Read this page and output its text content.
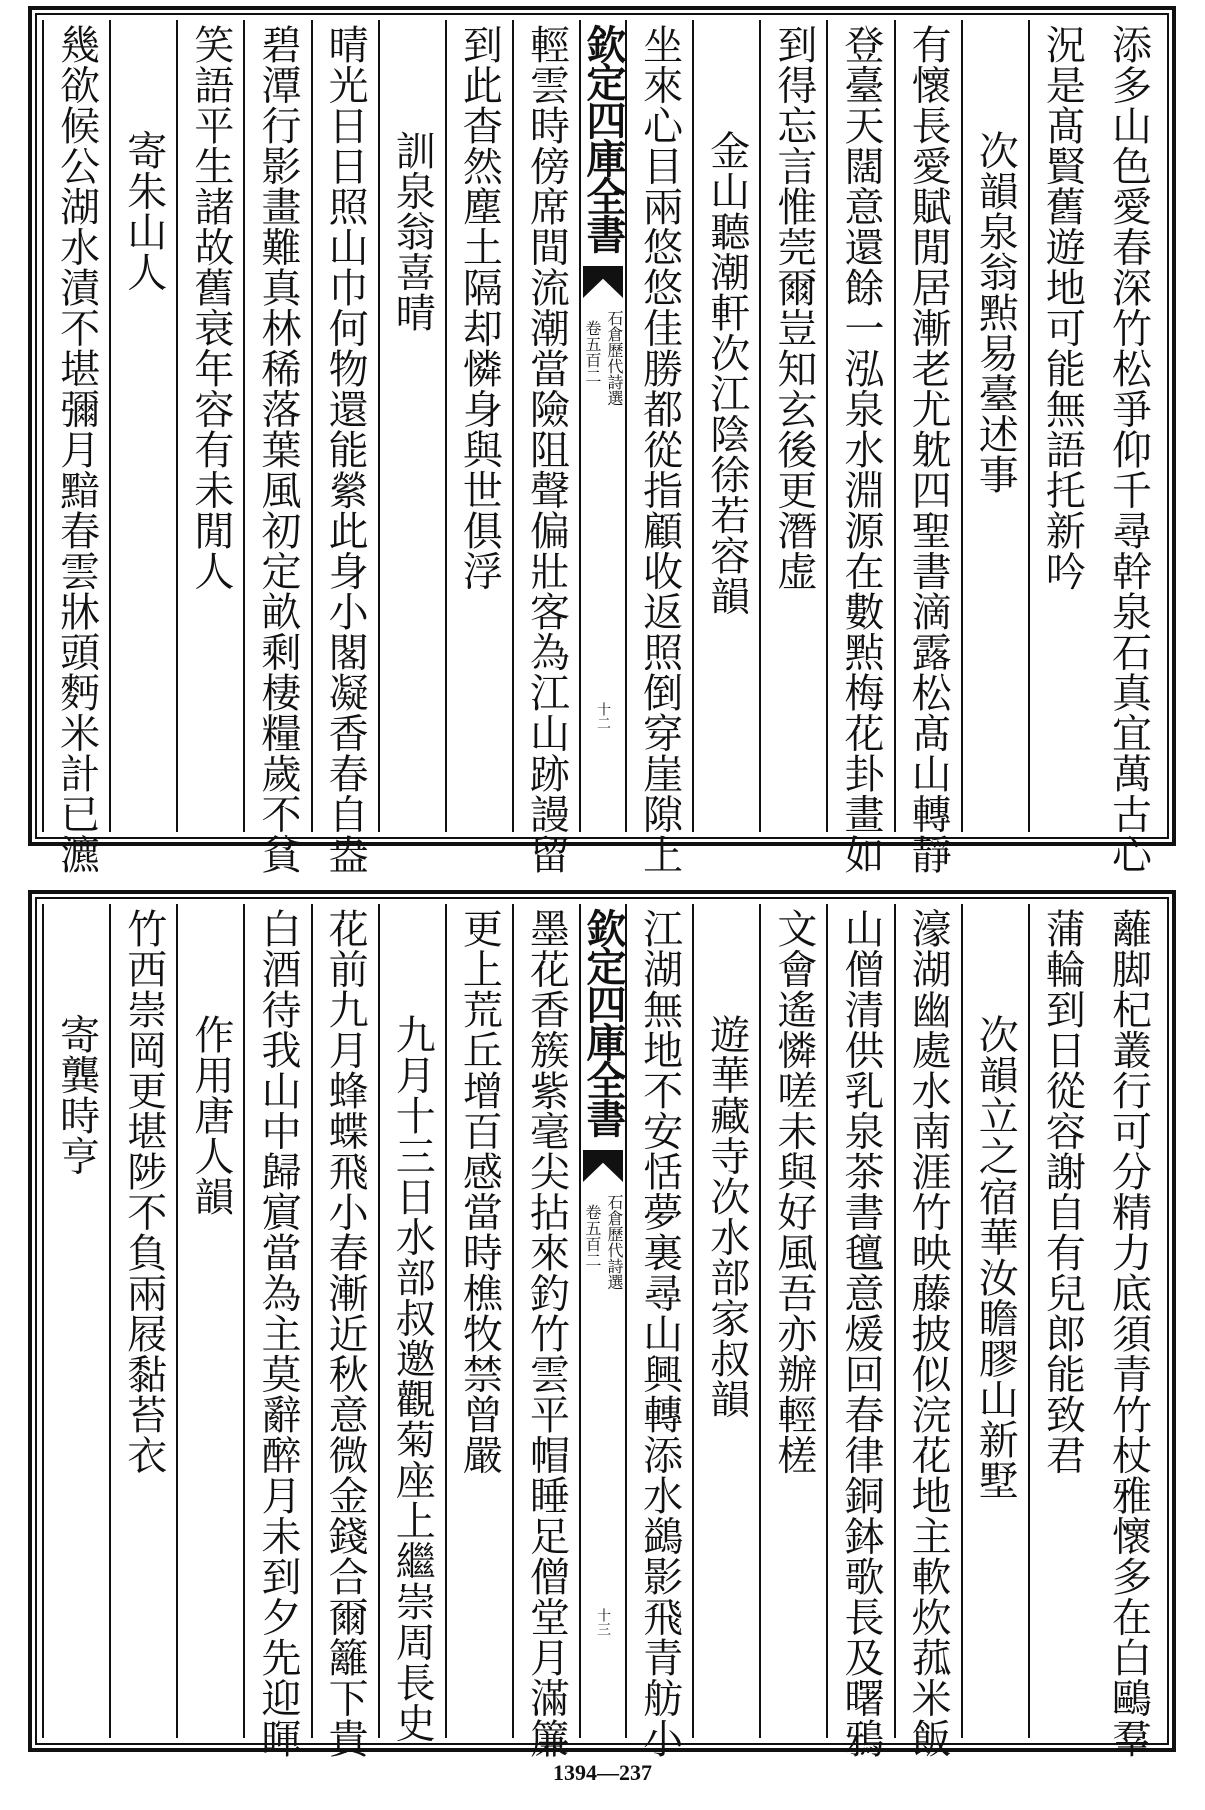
添多山色愛春深竹松爭仰千尋幹泉石真宜萬古心
況是髙賢舊遊地可能無語托新吟
次韻泉翁㸃易臺述事
有懷長愛賦閒居漸老尤躭四聖書滴露松髙山轉靜
登臺天闊意還餘一泓泉水淵源在數㸃梅花卦畫如
到得忘言惟莞爾豈知玄後更潛虚
金山聽潮軒次江陰徐若容韻
坐來心目兩悠悠佳勝都從指顧收返照倒穿崖隙上
欽定四庫全書
石倉歷代詩選
卷五百二
十二
輕雲時傍席間流潮當險阻聲偏壯客為江山跡謾留
到此杳然塵土隔却憐身與世俱浮
訓泉翁喜晴
晴光日日照山巾何物還能縈此身小閣凝香春自盎
碧潭行影畫難真林稀落葉風初定畝剩棲糧歲不貧
笑語平生諸故舊衰年容有未閒人
寄朱山人
幾欲候公湖水漬不堪彌月黯春雲牀頭麪米計已瀌
蘺脚杞叢行可分精力底須青竹杖雅懷多在白鷗羣
蒲輪到日從容謝自有兒郎能致君
次韻立之宿華汝瞻膠山新墅
濠湖幽處水南涯竹映藤披似浣花地主軟炊菰米飯
山僧清供乳泉茶書氊意煖回春律銅鉢歌長及曙鴉
文會遙憐嗟未與好風吾亦辦輕槎
遊華藏寺次水部家叔韻
江湖無地不安恬夢裏尋山興轉添水鷁影飛青舫小
欽定四庫全書
石倉歷代詩選
卷五百二
十三
墨花香簇紫毫尖拈來釣竹雲平帽睡足僧堂月滿簾
更上荒丘增百感當時樵牧禁曾嚴
九月十三日水部叔邀觀菊座上繼崇周長史
花前九月蜂蝶飛小春漸近秋意微金錢合爾籬下貴
白酒待我山中歸賔當為主莫辭醉月未到夕先迎暉
作用唐人韻
竹西崇岡更堪陟不負兩屐黏苔衣
寄龔時亨
1394—237
